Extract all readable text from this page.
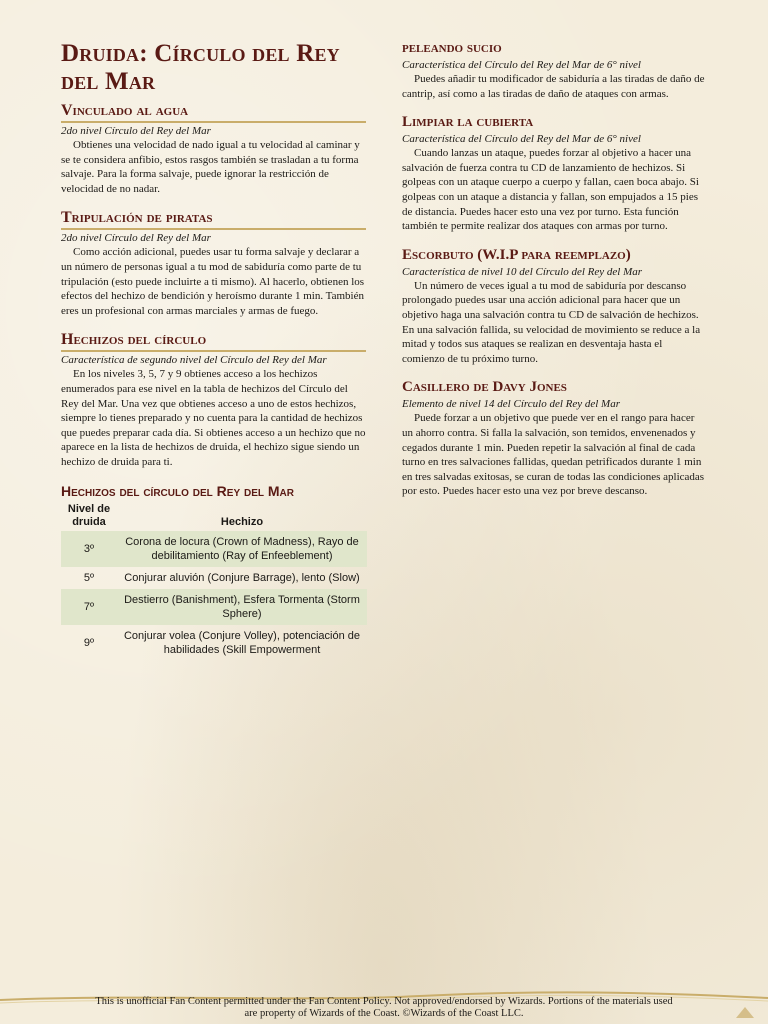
Druida: Círculo del Rey del Mar
Vinculado al agua

2do nivel Círculo del Rey del Mar

Obtienes una velocidad de nado igual a tu velocidad al caminar y se te considera anfibio, estos rasgos también se trasladan a tu forma salvaje. Para la forma salvaje, puede ignorar la restricción de velocidad de no nadar.

Tripulación de piratas

2do nivel Círculo del Rey del Mar

Como acción adicional, puedes usar tu forma salvaje y declarar a un número de personas igual a tu mod de sabiduría como parte de tu tripulación (esto puede incluirte a ti mismo). Al hacerlo, obtienen los efectos del hechizo de bendición y heroísmo durante 1 min. También eres un profesional con armas marciales y armas de fuego.

Hechizos del círculo

Característica de segundo nivel del Círculo del Rey del Mar

En los niveles 3, 5, 7 y 9 obtienes acceso a los hechizos enumerados para ese nivel en la tabla de hechizos del Círculo del Rey del Mar. Una vez que obtienes acceso a uno de estos hechizos, siempre lo tienes preparado y no cuenta para la cantidad de hechizos que puedes preparar cada día. Si obtienes acceso a un hechizo que no aparece en la lista de hechizos de druida, el hechizo sigue siendo un hechizo de druida para ti.

Hechizos del círculo del Rey del Mar
Nivel de druida	Hechizo
3º	Corona de locura (Crown of Madness), Rayo de debilitamiento (Ray of Enfeeblement)
5º	Conjurar aluvión (Conjure Barrage), lento (Slow)
7º	Destierro (Banishment), Esfera Tormenta (Storm Sphere)
9º	Conjurar volea (Conjure Volley), potenciación de habilidades (Skill Empowerment
peleando sucio

Característica del Círculo del Rey del Mar de 6° nivel

Puedes añadir tu modificador de sabiduría a las tiradas de daño de cantrip, así como a las tiradas de daño de ataques con armas.

Limpiar la cubierta

Característica del Círculo del Rey del Mar de 6° nivel

Cuando lanzas un ataque, puedes forzar al objetivo a hacer una salvación de fuerza contra tu CD de lanzamiento de hechizos. Si golpeas con un ataque cuerpo a cuerpo y fallan, caen boca abajo. Si golpeas con un ataque a distancia y fallan, son empujados a 15 pies de distancia. Puedes hacer esto una vez por turno. Esta función también te permite realizar dos ataques con armas por turno.

Escorbuto (W.I.P para reemplazo)

Característica de nivel 10 del Círculo del Rey del Mar

Un número de veces igual a tu mod de sabiduría por descanso prolongado puedes usar una acción adicional para hacer que un objetivo haga una salvación contra tu CD de salvación de hechizos. En una salvación fallida, su velocidad de movimiento se reduce a la mitad y todos sus ataques se realizan en desventaja hasta el comienzo de tu próximo turno.

Casillero de Davy Jones

Elemento de nivel 14 del Círculo del Rey del Mar

Puede forzar a un objetivo que puede ver en el rango para hacer un ahorro contra. Si falla la salvación, son temidos, envenenados y cegados durante 1 min. Pueden repetir la salvación al final de cada turno en tres salvaciones fallidas, quedan petrificados durante 1 min en tres salvadas exitosas, se curan de todas las condiciones aplicadas por esto. Puedes hacer esto una vez por breve descanso.

This is unofficial Fan Content permitted under the Fan Content Policy. Not approved/endorsed by Wizards. Portions of the materials used
are property of Wizards of the Coast. ©Wizards of the Coast LLC.
